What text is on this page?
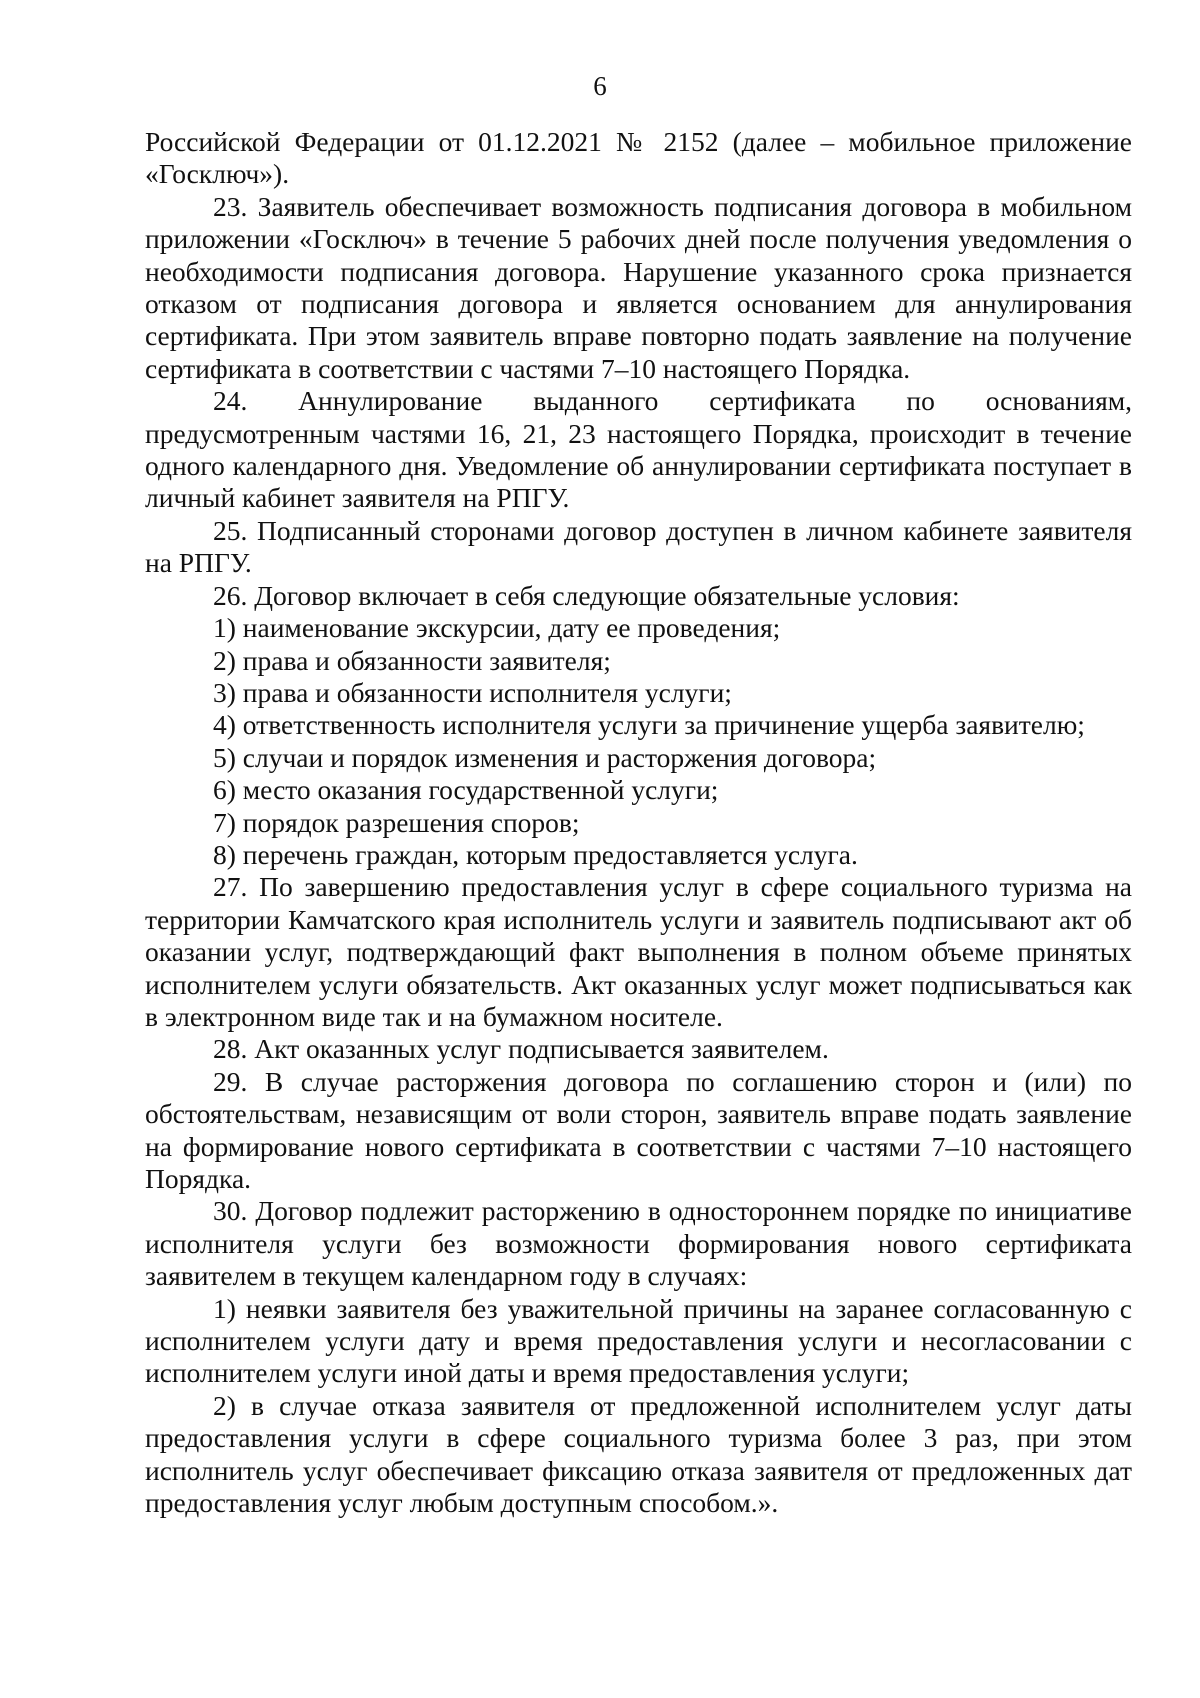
6

Российской Федерации от 01.12.2021 № 2152 (далее – мобильное приложение «Госключ»).

23. Заявитель обеспечивает возможность подписания договора в мобильном приложении «Госключ» в течение 5 рабочих дней после получения уведомления о необходимости подписания договора. Нарушение указанного срока признается отказом от подписания договора и является основанием для аннулирования сертификата. При этом заявитель вправе повторно подать заявление на получение сертификата в соответствии с частями 7–10 настоящего Порядка.

24. Аннулирование выданного сертификата по основаниям, предусмотренным частями 16, 21, 23 настоящего Порядка, происходит в течение одного календарного дня. Уведомление об аннулировании сертификата поступает в личный кабинет заявителя на РПГУ.

25. Подписанный сторонами договор доступен в личном кабинете заявителя на РПГУ.

26. Договор включает в себя следующие обязательные условия:

1) наименование экскурсии, дату ее проведения;

2) права и обязанности заявителя;

3) права и обязанности исполнителя услуги;

4) ответственность исполнителя услуги за причинение ущерба заявителю;

5) случаи и порядок изменения и расторжения договора;

6) место оказания государственной услуги;

7) порядок разрешения споров;

8) перечень граждан, которым предоставляется услуга.

27. По завершению предоставления услуг в сфере социального туризма на территории Камчатского края исполнитель услуги и заявитель подписывают акт об оказании услуг, подтверждающий факт выполнения в полном объеме принятых исполнителем услуги обязательств. Акт оказанных услуг может подписываться как в электронном виде так и на бумажном носителе.

28. Акт оказанных услуг подписывается заявителем.

29. В случае расторжения договора по соглашению сторон и (или) по обстоятельствам, независящим от воли сторон, заявитель вправе подать заявление на формирование нового сертификата в соответствии с частями 7–10 настоящего Порядка.

30. Договор подлежит расторжению в одностороннем порядке по инициативе исполнителя услуги без возможности формирования нового сертификата заявителем в текущем календарном году в случаях:

1) неявки заявителя без уважительной причины на заранее согласованную с исполнителем услуги дату и время предоставления услуги и несогласовании с исполнителем услуги иной даты и время предоставления услуги;

2) в случае отказа заявителя от предложенной исполнителем услуг даты предоставления услуги в сфере социального туризма более 3 раз, при этом исполнитель услуг обеспечивает фиксацию отказа заявителя от предложенных дат предоставления услуг любым доступным способом.».
